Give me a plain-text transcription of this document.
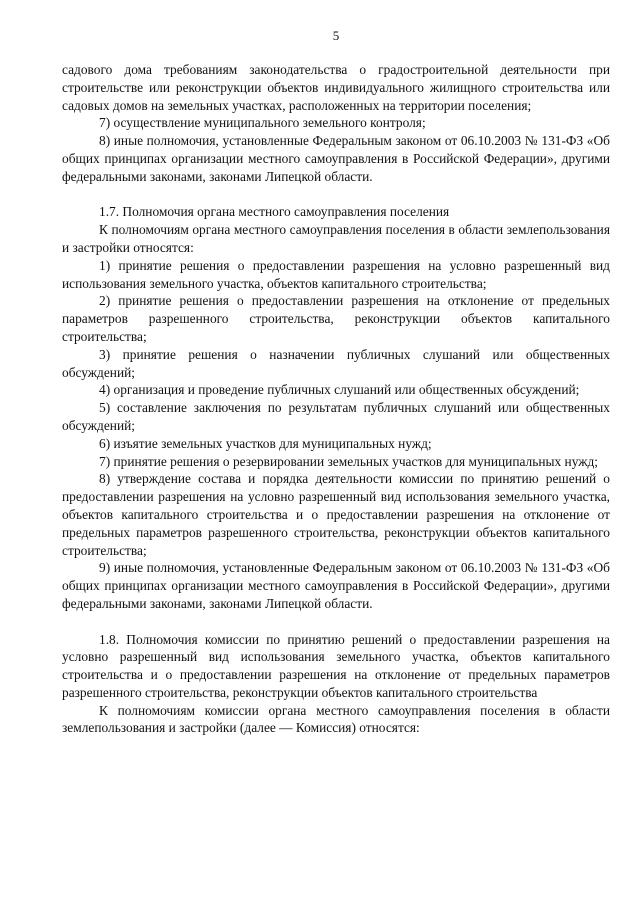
5

садового дома требованиям законодательства о градостроительной деятельности при строительстве или реконструкции объектов индивидуального жилищного строительства или садовых домов на земельных участках, расположенных на территории поселения;

7) осуществление муниципального земельного контроля;

8) иные полномочия, установленные Федеральным законом от 06.10.2003 № 131-ФЗ «Об общих принципах организации местного самоуправления в Российской Федерации», другими федеральными законами, законами Липецкой области.

1.7. Полномочия органа местного самоуправления поселения

К полномочиям органа местного самоуправления поселения в области землепользования и застройки относятся:

1) принятие решения о предоставлении разрешения на условно разрешенный вид использования земельного участка, объектов капитального строительства;

2) принятие решения о предоставлении разрешения на отклонение от предельных параметров разрешенного строительства, реконструкции объектов капитального строительства;

3) принятие решения о назначении публичных слушаний или общественных обсуждений;

4) организация и проведение публичных слушаний или общественных обсуждений;

5) составление заключения по результатам публичных слушаний или общественных обсуждений;

6) изъятие земельных участков для муниципальных нужд;

7) принятие решения о резервировании земельных участков для муниципальных нужд;

8) утверждение состава и порядка деятельности комиссии по принятию решений о предоставлении разрешения на условно разрешенный вид использования земельного участка, объектов капитального строительства и о предоставлении разрешения на отклонение от предельных параметров разрешенного строительства, реконструкции объектов капитального строительства;

9) иные полномочия, установленные Федеральным законом от 06.10.2003 № 131-ФЗ «Об общих принципах организации местного самоуправления в Российской Федерации», другими федеральными законами, законами Липецкой области.

1.8. Полномочия комиссии по принятию решений о предоставлении разрешения на условно разрешенный вид использования земельного участка, объектов капитального строительства и о предоставлении разрешения на отклонение от предельных параметров разрешенного строительства, реконструкции объектов капитального строительства

К полномочиям комиссии органа местного самоуправления поселения в области землепользования и застройки (далее — Комиссия) относятся:
